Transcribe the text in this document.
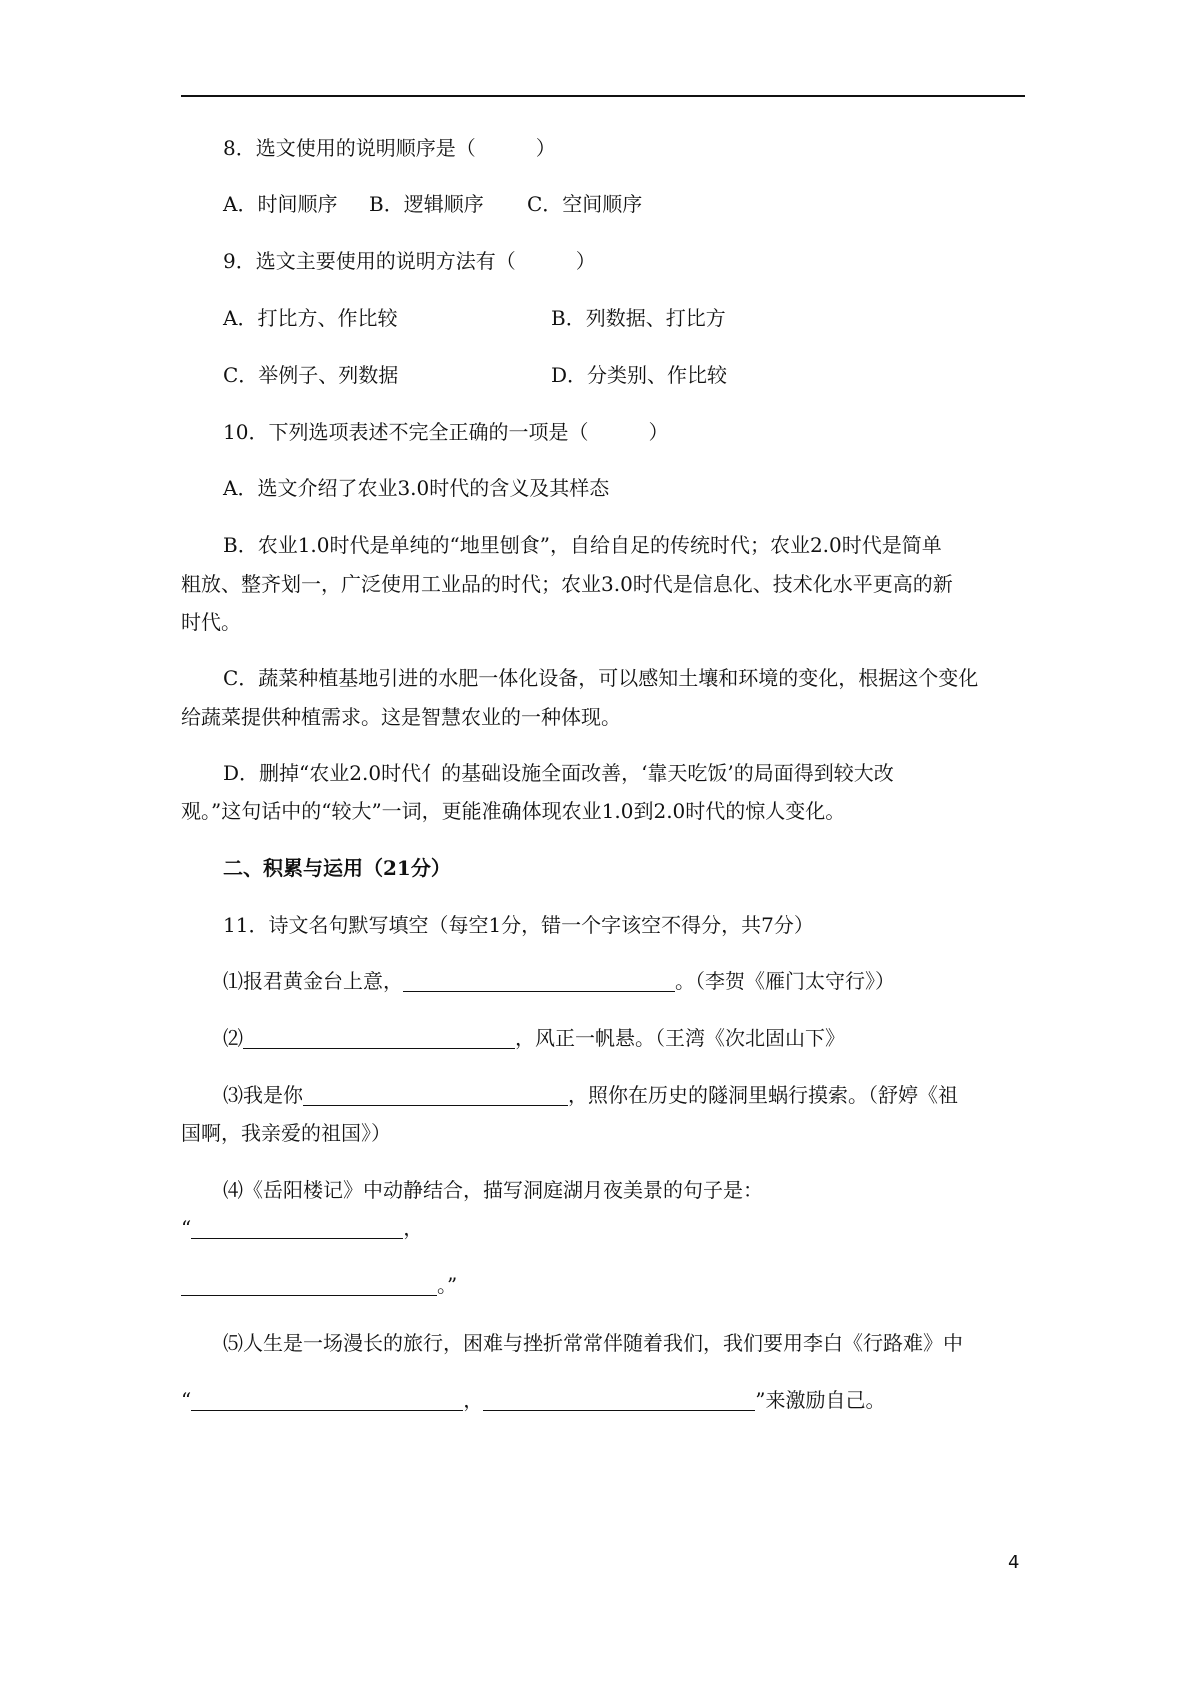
8．选文使用的说明顺序是（　　　）
A．时间顺序 B．逻辑顺序 C．空间顺序
9．选文主要使用的说明方法有（　　　）
A．打比方、作比较	B．列数据、打比方
C．举例子、列数据	D．分类别、作比较
10．下列选项表述不完全正确的一项是（　　　）
A．选文介绍了农业3.0时代的含义及其样态
B．农业1.0时代是单纯的“地里刨食”，自给自足的传统时代；农业2.0时代是简单
粗放、整齐划一，广泛使用工业品的时代；农业3.0时代是信息化、技术化水平更高的新
时代。
C．蔬菜种植基地引进的水肥一体化设备，可以感知土壤和环境的变化，根据这个变化
给蔬菜提供种植需求。这是智慧农业的一种体现。
D．删掉“农业2.0时代亻的基础设施全面改善，‘靠天吃饭’的局面得到较大改
观。”这句话中的“较大”一词，更能准确体现农业1.0到2.0时代的惊人变化。
二、积累与运用（21分）
11．诗文名句默写填空（每空1分，错一个字该空不得分，共7分）
⑴报君黄金台上意，	。（李贺《雁门太守行》）
⑵	，风正一帆悬。（王湾《次北固山下》
⑶我是你	，照你在历史的隧洞里蜗行摸索。（舒婷《祖
国啊，我亲爱的祖国》）
⑷《岳阳楼记》中动静结合，描写洞庭湖月夜美景的句子是：
“	，
。”
⑸人生是一场漫长的旅行，困难与挫折常常伴随着我们，我们要用李白《行路难》中
“	，	”来激励自己。
4
